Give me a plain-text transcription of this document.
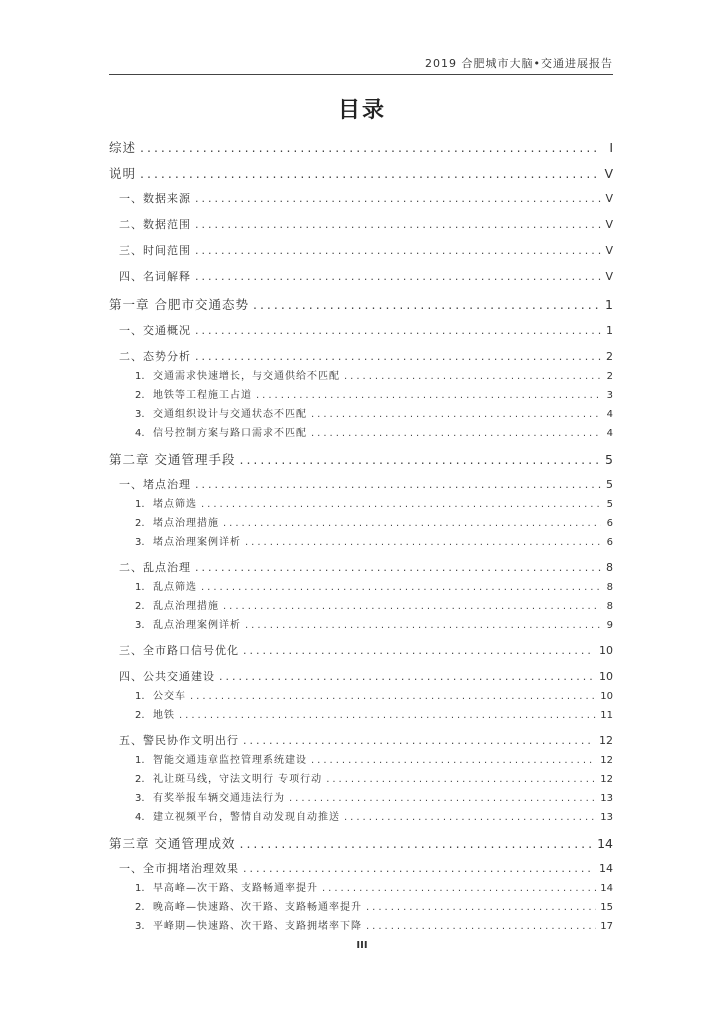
2019 合肥城市大脑•交通进展报告
目录
综述 .....	I
说明 .....	V
一、数据来源 .....	V
二、数据范围 .....	V
三、时间范围 .....	V
四、名词解释 .....	V
第一章 合肥市交通态势 .....	1
一、交通概况 .....	1
二、态势分析 .....	2
1. 交通需求快速增长，与交通供给不匹配 .....	2
2. 地铁等工程施工占道 .....	3
3. 交通组织设计与交通状态不匹配 .....	4
4. 信号控制方案与路口需求不匹配 .....	4
第二章 交通管理手段 .....	5
一、堵点治理 .....	5
1. 堵点筛选 .....	5
2. 堵点治理措施 .....	6
3. 堵点治理案例详析 .....	6
二、乱点治理 .....	8
1. 乱点筛选 .....	8
2. 乱点治理措施 .....	8
3. 乱点治理案例详析 .....	9
三、全市路口信号优化 .....	10
四、公共交通建设 .....	10
1. 公交车 .....	10
2. 地铁 .....	11
五、警民协作文明出行 .....	12
1. 智能交通违章监控管理系统建设 .....	12
2. 礼让斑马线，守法文明行 专项行动 .....	12
3. 有奖举报车辆交通违法行为 .....	13
4. 建立视频平台，警情自动发现自动推送 .....	13
第三章 交通管理成效 .....	14
一、全市拥堵治理效果 .....	14
1. 早高峰—次干路、支路畅通率提升 .....	14
2. 晚高峰—快速路、次干路、支路畅通率提升 .....	15
3. 平峰期—快速路、次干路、支路拥堵率下降 .....	17
III
